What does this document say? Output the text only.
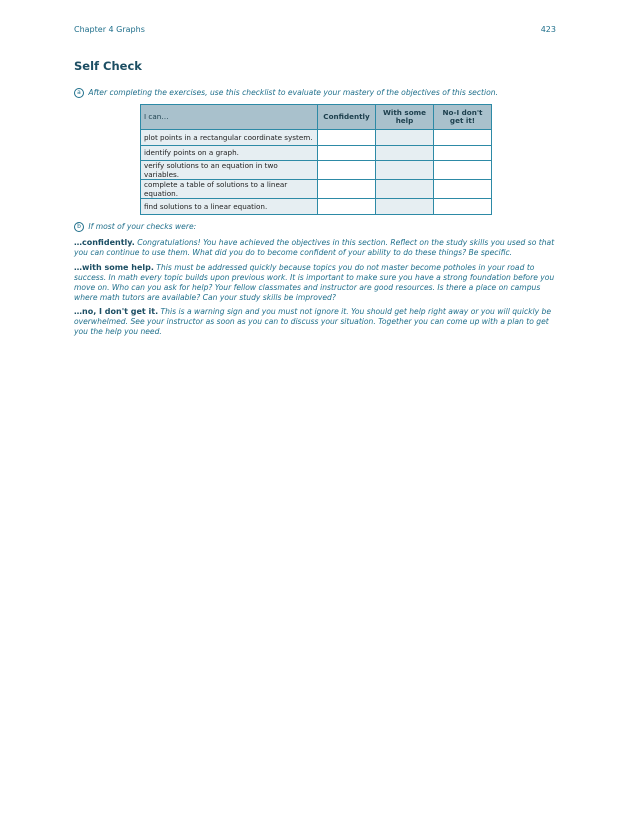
Chapter 4 Graphs	423
Self Check
a After completing the exercises, use this checklist to evaluate your mastery of the objectives of this section.
I can…	Confidently	With some help	No-I don't get it!
plot points in a rectangular coordinate system.			
identify points on a graph.			
verify solutions to an equation in two variables.			
complete a table of solutions to a linear equation.			
find solutions to a linear equation.			
b If most of your checks were:
…confidently. Congratulations! You have achieved the objectives in this section. Reflect on the study skills you used so that you can continue to use them. What did you do to become confident of your ability to do these things? Be specific.
…with some help. This must be addressed quickly because topics you do not master become potholes in your road to success. In math every topic builds upon previous work. It is important to make sure you have a strong foundation before you move on. Who can you ask for help? Your fellow classmates and instructor are good resources. Is there a place on campus where math tutors are available? Can your study skills be improved?
…no, I don't get it. This is a warning sign and you must not ignore it. You should get help right away or you will quickly be overwhelmed. See your instructor as soon as you can to discuss your situation. Together you can come up with a plan to get you the help you need.
